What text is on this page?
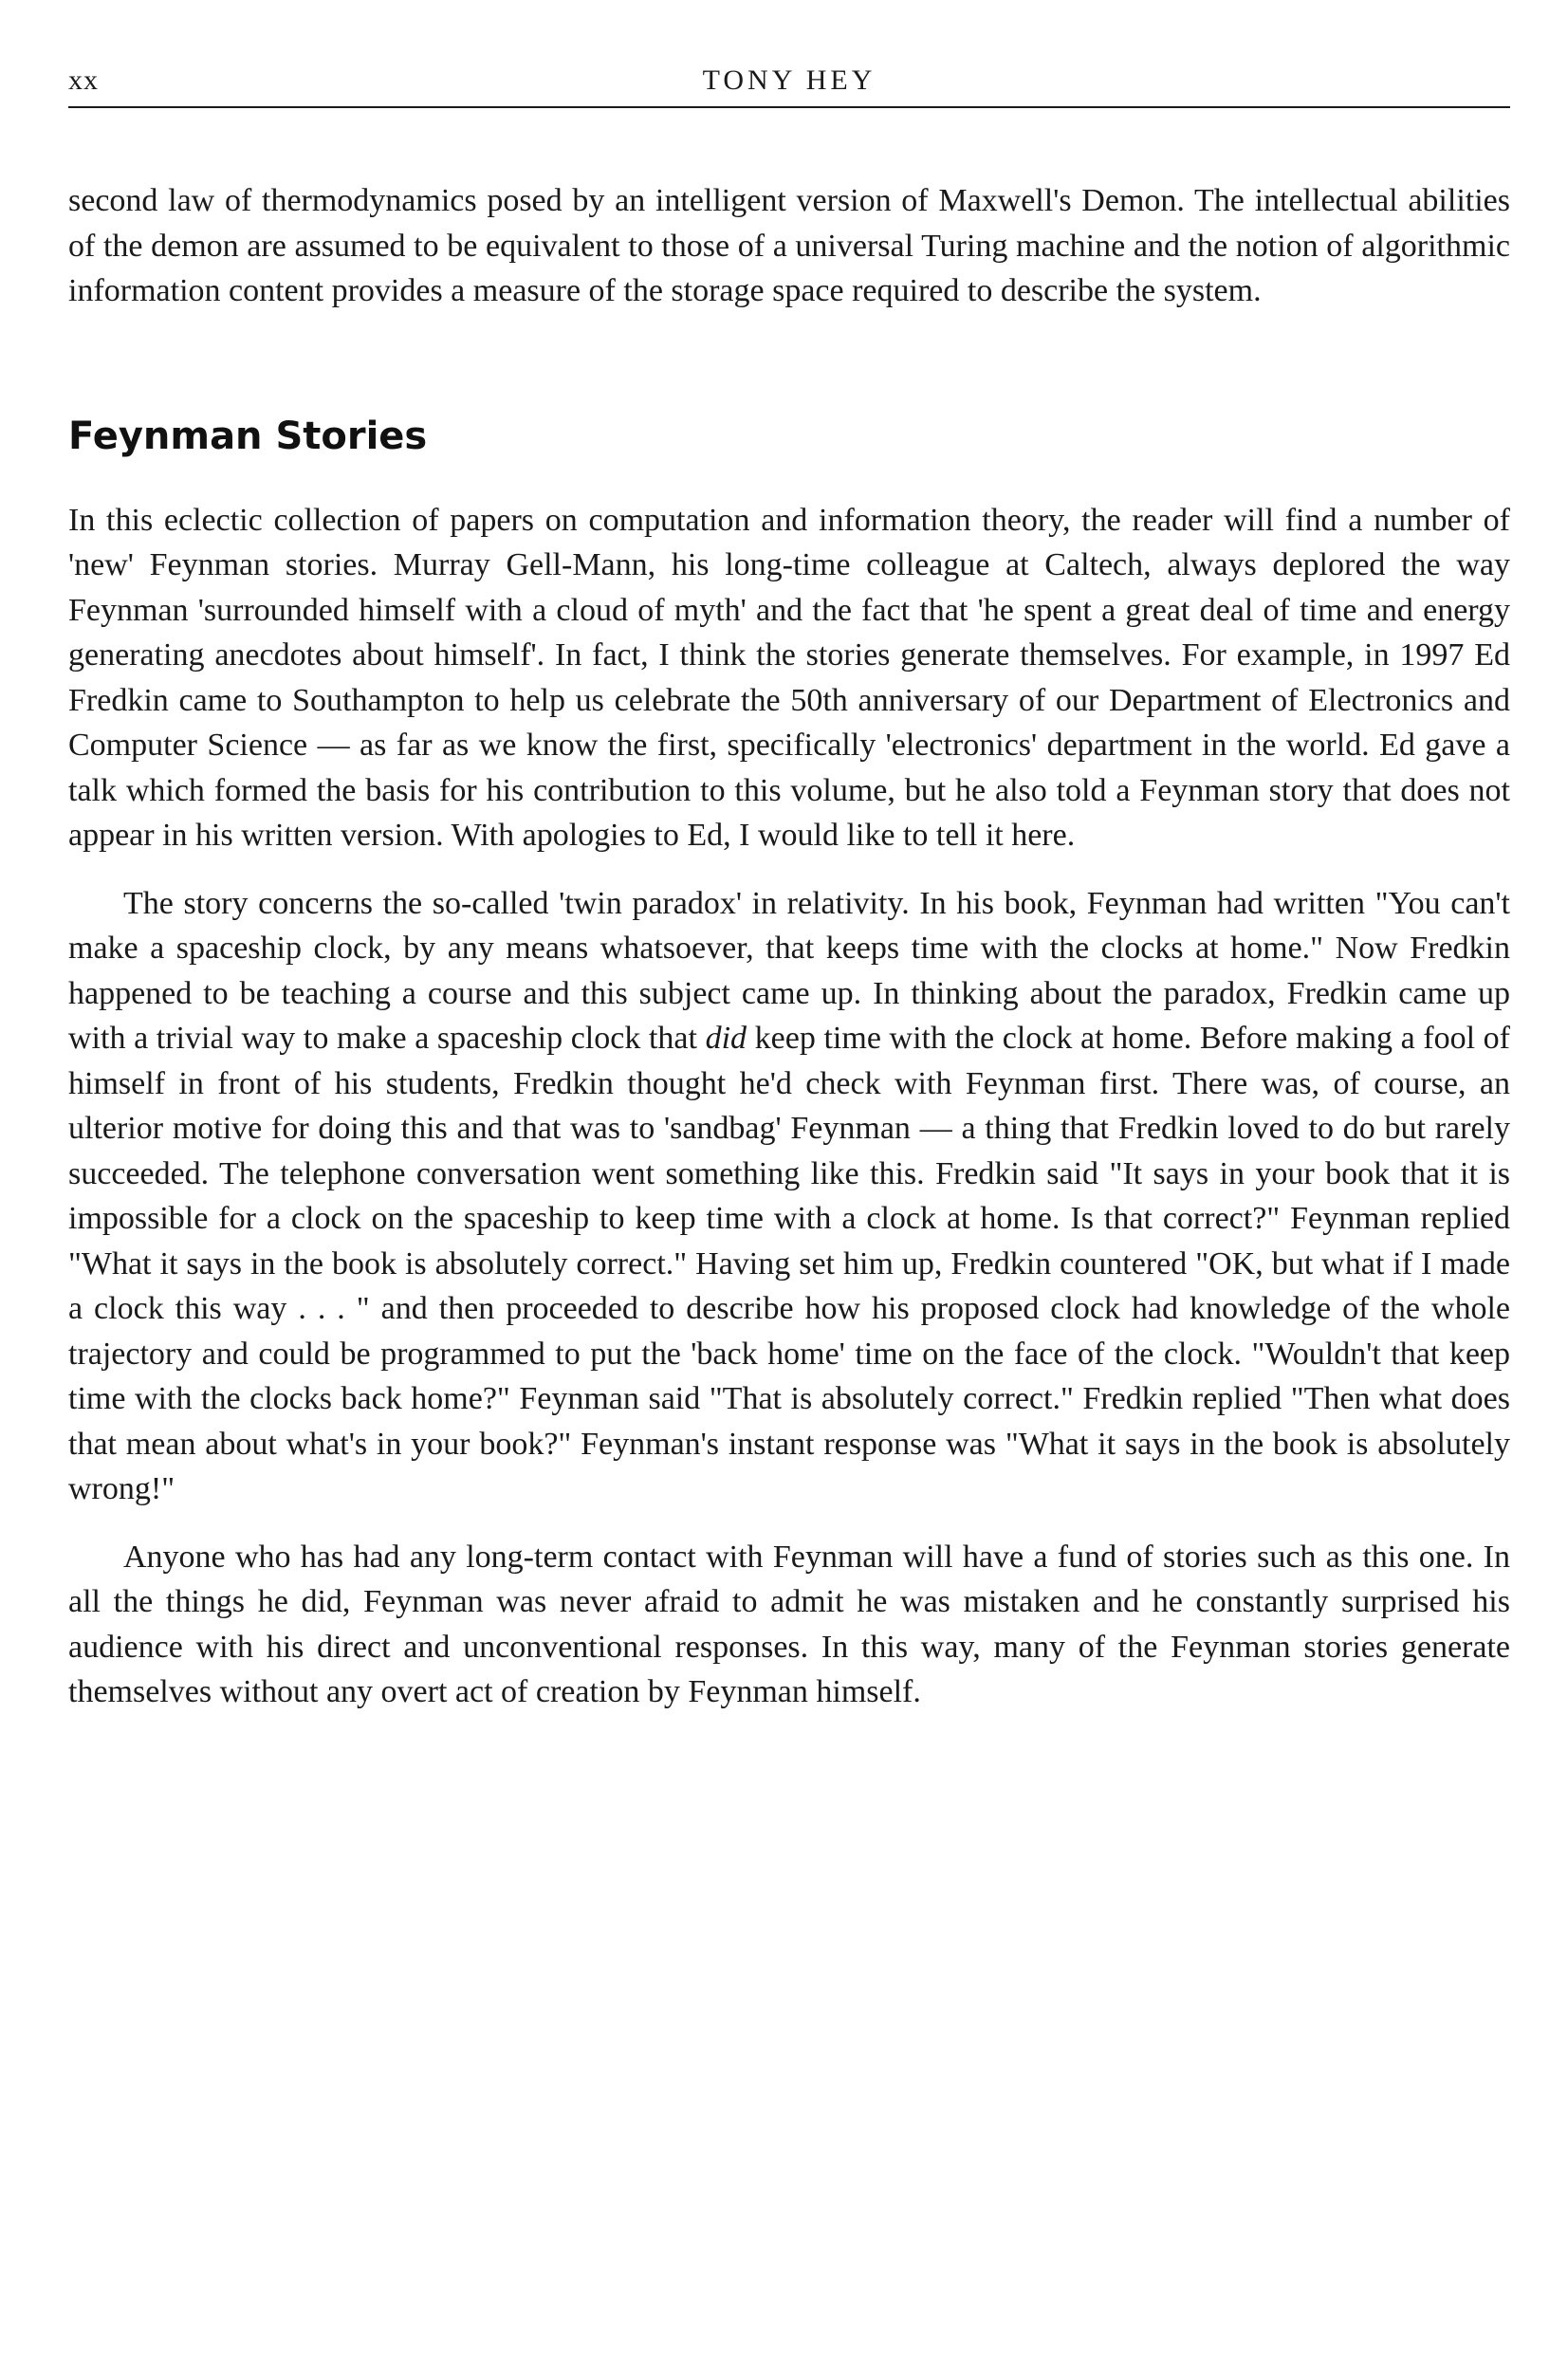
xx	TONY HEY

second law of thermodynamics posed by an intelligent version of Maxwell's Demon. The intellectual abilities of the demon are assumed to be equivalent to those of a universal Turing machine and the notion of algorithmic information content provides a measure of the storage space required to describe the system.

Feynman Stories

In this eclectic collection of papers on computation and information theory, the reader will find a number of 'new' Feynman stories. Murray Gell-Mann, his long-time colleague at Caltech, always deplored the way Feynman 'surrounded himself with a cloud of myth' and the fact that 'he spent a great deal of time and energy generating anecdotes about himself'. In fact, I think the stories generate themselves. For example, in 1997 Ed Fredkin came to Southampton to help us celebrate the 50th anniversary of our Department of Electronics and Computer Science — as far as we know the first, specifically 'electronics' department in the world. Ed gave a talk which formed the basis for his contribution to this volume, but he also told a Feynman story that does not appear in his written version. With apologies to Ed, I would like to tell it here.

The story concerns the so-called 'twin paradox' in relativity. In his book, Feynman had written "You can't make a spaceship clock, by any means whatsoever, that keeps time with the clocks at home." Now Fredkin happened to be teaching a course and this subject came up. In thinking about the paradox, Fredkin came up with a trivial way to make a spaceship clock that did keep time with the clock at home. Before making a fool of himself in front of his students, Fredkin thought he'd check with Feynman first. There was, of course, an ulterior motive for doing this and that was to 'sandbag' Feynman — a thing that Fredkin loved to do but rarely succeeded. The telephone conversation went something like this. Fredkin said "It says in your book that it is impossible for a clock on the spaceship to keep time with a clock at home. Is that correct?" Feynman replied "What it says in the book is absolutely correct." Having set him up, Fredkin countered "OK, but what if I made a clock this way . . . " and then proceeded to describe how his proposed clock had knowledge of the whole trajectory and could be programmed to put the 'back home' time on the face of the clock. "Wouldn't that keep time with the clocks back home?" Feynman said "That is absolutely correct." Fredkin replied "Then what does that mean about what's in your book?" Feynman's instant response was "What it says in the book is absolutely wrong!"

Anyone who has had any long-term contact with Feynman will have a fund of stories such as this one. In all the things he did, Feynman was never afraid to admit he was mistaken and he constantly surprised his audience with his direct and unconventional responses. In this way, many of the Feynman stories generate themselves without any overt act of creation by Feynman himself.
